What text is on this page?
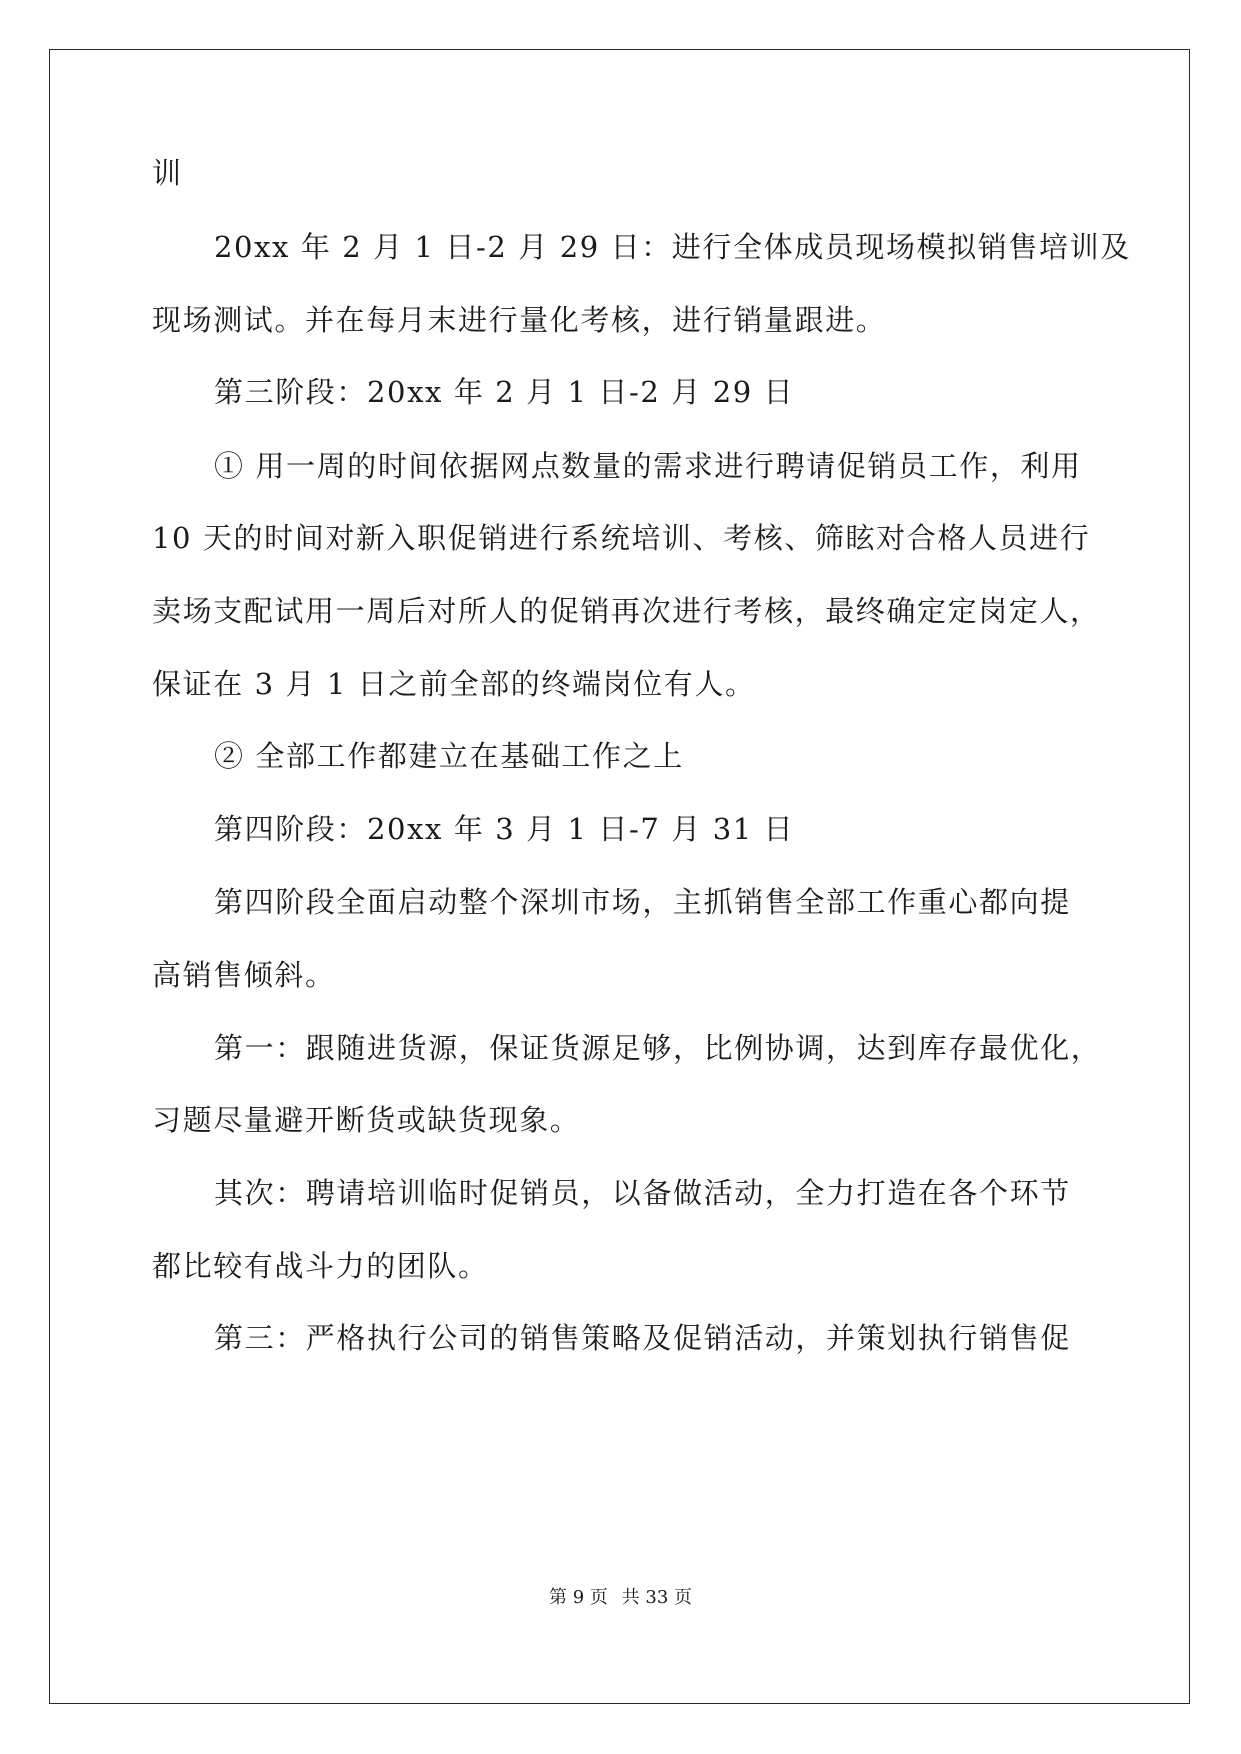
训
20xx 年 2 月 1 日-2 月 29 日：进行全体成员现场模拟销售培训及
现场测试。并在每月末进行量化考核，进行销量跟进。
第三阶段：20xx 年 2 月 1 日-2 月 29 日
① 用一周的时间依据网点数量的需求进行聘请促销员工作，利用
10 天的时间对新入职促销进行系统培训、考核、筛眩对合格人员进行
卖场支配试用一周后对所人的促销再次进行考核，最终确定定岗定人，
保证在 3 月 1 日之前全部的终端岗位有人。
② 全部工作都建立在基础工作之上
第四阶段：20xx 年 3 月 1 日-7 月 31 日
第四阶段全面启动整个深圳市场，主抓销售全部工作重心都向提
高销售倾斜。
第一：跟随进货源，保证货源足够，比例协调，达到库存最优化，
习题尽量避开断货或缺货现象。
其次：聘请培训临时促销员，以备做活动，全力打造在各个环节
都比较有战斗力的团队。
第三：严格执行公司的销售策略及促销活动，并策划执行销售促
第 9 页 共 33 页
